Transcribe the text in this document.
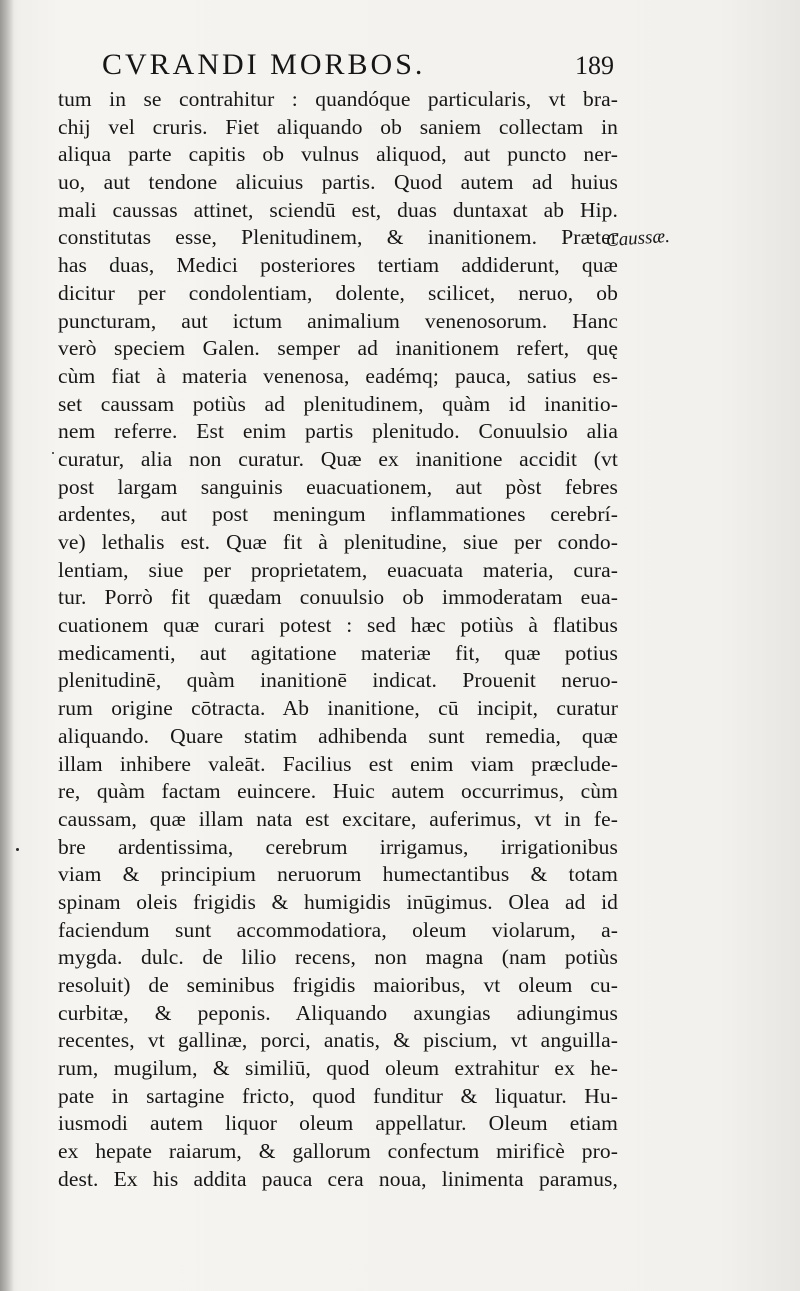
CVRANDI MORBOS.	189
tum in se contrahitur : quandóque particularis, vt bra-
chij vel cruris. Fiet aliquando ob saniem collectam in
aliqua parte capitis ob vulnus aliquod, aut puncto ner-
uo, aut tendone alicuius partis. Quod autem ad huius
mali caussas attinet, sciendū est, duas duntaxat ab Hip.
constitutas esse, Plenitudinem, & inanitionem. Præter
has duas, Medici posteriores tertiam addiderunt, quæ
dicitur per condolentiam, dolente, scilicet, neruo, ob
puncturam, aut ictum animalium venenosorum. Hanc
verò speciem Galen. semper ad inanitionem refert, quę
cùm fiat à materia venenosa, eadémq; pauca, satius es-
set caussam potiùs ad plenitudinem, quàm id inanitio-
nem referre. Est enim partis plenitudo. Conuulsio alia
curatur, alia non curatur. Quæ ex inanitione accidit (vt
post largam sanguinis euacuationem, aut pòst febres
ardentes, aut post meningum inflammationes cerebrí-
ve) lethalis est. Quæ fit à plenitudine, siue per condo-
lentiam, siue per proprietatem, euacuata materia, cura-
tur. Porrò fit quædam conuulsio ob immoderatam eua-
cuationem quæ curari potest : sed hæc potiùs à flatibus
medicamenti, aut agitatione materiæ fit, quæ potius
plenitudinē, quàm inanitionē indicat. Prouenit neruo-
rum origine cōtracta. Ab inanitione, cū incipit, curatur
aliquando. Quare statim adhibenda sunt remedia, quæ
illam inhibere valeāt. Facilius est enim viam præclude-
re, quàm factam euincere. Huic autem occurrimus, cùm
caussam, quæ illam nata est excitare, auferimus, vt in fe-
bre ardentissima, cerebrum irrigamus, irrigationibus
viam & principium neruorum humectantibus & totam
spinam oleis frigidis & humigidis inūgimus. Olea ad id
faciendum sunt accommodatiora, oleum violarum, a-
mygda. dulc. de lilio recens, non magna (nam potiùs
resoluit) de seminibus frigidis maioribus, vt oleum cu-
curbitæ, & peponis. Aliquando axungias adiungimus
recentes, vt gallinæ, porci, anatis, & piscium, vt anguilla-
rum, mugilum, & similiū, quod oleum extrahitur ex he-
pate in sartagine fricto, quod funditur & liquatur. Hu-
iusmodi autem liquor oleum appellatur. Oleum etiam
ex hepate raiarum, & gallorum confectum mirificè pro-
dest. Ex his addita pauca cera noua, linimenta paramus,
Caussæ.
